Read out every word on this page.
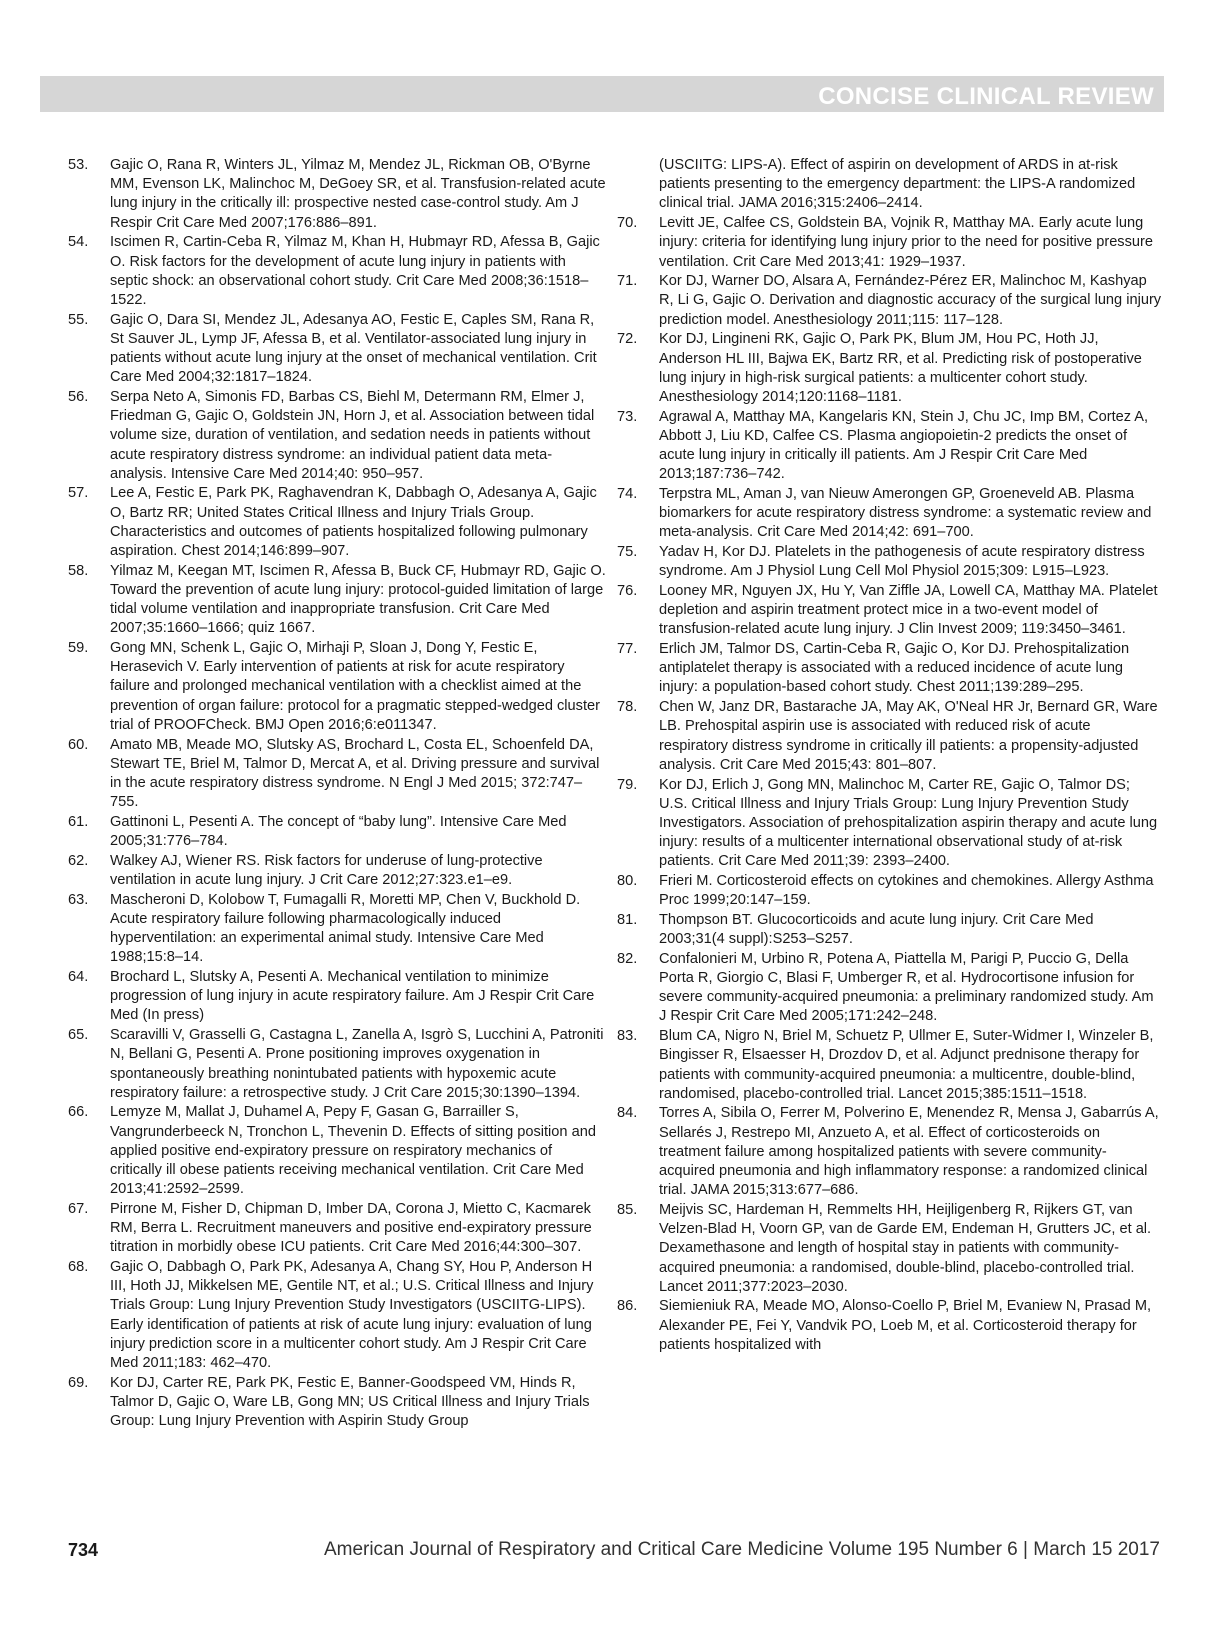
CONCISE CLINICAL REVIEW
53. Gajic O, Rana R, Winters JL, Yilmaz M, Mendez JL, Rickman OB, O'Byrne MM, Evenson LK, Malinchoc M, DeGoey SR, et al. Transfusion-related acute lung injury in the critically ill: prospective nested case-control study. Am J Respir Crit Care Med 2007;176:886–891.
54. Iscimen R, Cartin-Ceba R, Yilmaz M, Khan H, Hubmayr RD, Afessa B, Gajic O. Risk factors for the development of acute lung injury in patients with septic shock: an observational cohort study. Crit Care Med 2008;36:1518–1522.
55. Gajic O, Dara SI, Mendez JL, Adesanya AO, Festic E, Caples SM, Rana R, St Sauver JL, Lymp JF, Afessa B, et al. Ventilator-associated lung injury in patients without acute lung injury at the onset of mechanical ventilation. Crit Care Med 2004;32:1817–1824.
56. Serpa Neto A, Simonis FD, Barbas CS, Biehl M, Determann RM, Elmer J, Friedman G, Gajic O, Goldstein JN, Horn J, et al. Association between tidal volume size, duration of ventilation, and sedation needs in patients without acute respiratory distress syndrome: an individual patient data meta-analysis. Intensive Care Med 2014;40: 950–957.
57. Lee A, Festic E, Park PK, Raghavendran K, Dabbagh O, Adesanya A, Gajic O, Bartz RR; United States Critical Illness and Injury Trials Group. Characteristics and outcomes of patients hospitalized following pulmonary aspiration. Chest 2014;146:899–907.
58. Yilmaz M, Keegan MT, Iscimen R, Afessa B, Buck CF, Hubmayr RD, Gajic O. Toward the prevention of acute lung injury: protocol-guided limitation of large tidal volume ventilation and inappropriate transfusion. Crit Care Med 2007;35:1660–1666; quiz 1667.
59. Gong MN, Schenk L, Gajic O, Mirhaji P, Sloan J, Dong Y, Festic E, Herasevich V. Early intervention of patients at risk for acute respiratory failure and prolonged mechanical ventilation with a checklist aimed at the prevention of organ failure: protocol for a pragmatic stepped-wedged cluster trial of PROOFCheck. BMJ Open 2016;6:e011347.
60. Amato MB, Meade MO, Slutsky AS, Brochard L, Costa EL, Schoenfeld DA, Stewart TE, Briel M, Talmor D, Mercat A, et al. Driving pressure and survival in the acute respiratory distress syndrome. N Engl J Med 2015; 372:747–755.
61. Gattinoni L, Pesenti A. The concept of “baby lung”. Intensive Care Med 2005;31:776–784.
62. Walkey AJ, Wiener RS. Risk factors for underuse of lung-protective ventilation in acute lung injury. J Crit Care 2012;27:323.e1–e9.
63. Mascheroni D, Kolobow T, Fumagalli R, Moretti MP, Chen V, Buckhold D. Acute respiratory failure following pharmacologically induced hyperventilation: an experimental animal study. Intensive Care Med 1988;15:8–14.
64. Brochard L, Slutsky A, Pesenti A. Mechanical ventilation to minimize progression of lung injury in acute respiratory failure. Am J Respir Crit Care Med (In press)
65. Scaravilli V, Grasselli G, Castagna L, Zanella A, Isgrò S, Lucchini A, Patroniti N, Bellani G, Pesenti A. Prone positioning improves oxygenation in spontaneously breathing nonintubated patients with hypoxemic acute respiratory failure: a retrospective study. J Crit Care 2015;30:1390–1394.
66. Lemyze M, Mallat J, Duhamel A, Pepy F, Gasan G, Barrailler S, Vangrunderbeeck N, Tronchon L, Thevenin D. Effects of sitting position and applied positive end-expiratory pressure on respiratory mechanics of critically ill obese patients receiving mechanical ventilation. Crit Care Med 2013;41:2592–2599.
67. Pirrone M, Fisher D, Chipman D, Imber DA, Corona J, Mietto C, Kacmarek RM, Berra L. Recruitment maneuvers and positive end-expiratory pressure titration in morbidly obese ICU patients. Crit Care Med 2016;44:300–307.
68. Gajic O, Dabbagh O, Park PK, Adesanya A, Chang SY, Hou P, Anderson H III, Hoth JJ, Mikkelsen ME, Gentile NT, et al.; U.S. Critical Illness and Injury Trials Group: Lung Injury Prevention Study Investigators (USCIITG-LIPS). Early identification of patients at risk of acute lung injury: evaluation of lung injury prediction score in a multicenter cohort study. Am J Respir Crit Care Med 2011;183: 462–470.
69. Kor DJ, Carter RE, Park PK, Festic E, Banner-Goodspeed VM, Hinds R, Talmor D, Gajic O, Ware LB, Gong MN; US Critical Illness and Injury Trials Group: Lung Injury Prevention with Aspirin Study Group
(USCIITG: LIPS-A). Effect of aspirin on development of ARDS in at-risk patients presenting to the emergency department: the LIPS-A randomized clinical trial. JAMA 2016;315:2406–2414.
70. Levitt JE, Calfee CS, Goldstein BA, Vojnik R, Matthay MA. Early acute lung injury: criteria for identifying lung injury prior to the need for positive pressure ventilation. Crit Care Med 2013;41: 1929–1937.
71. Kor DJ, Warner DO, Alsara A, Fernández-Pérez ER, Malinchoc M, Kashyap R, Li G, Gajic O. Derivation and diagnostic accuracy of the surgical lung injury prediction model. Anesthesiology 2011;115: 117–128.
72. Kor DJ, Lingineni RK, Gajic O, Park PK, Blum JM, Hou PC, Hoth JJ, Anderson HL III, Bajwa EK, Bartz RR, et al. Predicting risk of postoperative lung injury in high-risk surgical patients: a multicenter cohort study. Anesthesiology 2014;120:1168–1181.
73. Agrawal A, Matthay MA, Kangelaris KN, Stein J, Chu JC, Imp BM, Cortez A, Abbott J, Liu KD, Calfee CS. Plasma angiopoietin-2 predicts the onset of acute lung injury in critically ill patients. Am J Respir Crit Care Med 2013;187:736–742.
74. Terpstra ML, Aman J, van Nieuw Amerongen GP, Groeneveld AB. Plasma biomarkers for acute respiratory distress syndrome: a systematic review and meta-analysis. Crit Care Med 2014;42: 691–700.
75. Yadav H, Kor DJ. Platelets in the pathogenesis of acute respiratory distress syndrome. Am J Physiol Lung Cell Mol Physiol 2015;309: L915–L923.
76. Looney MR, Nguyen JX, Hu Y, Van Ziffle JA, Lowell CA, Matthay MA. Platelet depletion and aspirin treatment protect mice in a two-event model of transfusion-related acute lung injury. J Clin Invest 2009; 119:3450–3461.
77. Erlich JM, Talmor DS, Cartin-Ceba R, Gajic O, Kor DJ. Prehospitalization antiplatelet therapy is associated with a reduced incidence of acute lung injury: a population-based cohort study. Chest 2011;139:289–295.
78. Chen W, Janz DR, Bastarache JA, May AK, O'Neal HR Jr, Bernard GR, Ware LB. Prehospital aspirin use is associated with reduced risk of acute respiratory distress syndrome in critically ill patients: a propensity-adjusted analysis. Crit Care Med 2015;43: 801–807.
79. Kor DJ, Erlich J, Gong MN, Malinchoc M, Carter RE, Gajic O, Talmor DS; U.S. Critical Illness and Injury Trials Group: Lung Injury Prevention Study Investigators. Association of prehospitalization aspirin therapy and acute lung injury: results of a multicenter international observational study of at-risk patients. Crit Care Med 2011;39: 2393–2400.
80. Frieri M. Corticosteroid effects on cytokines and chemokines. Allergy Asthma Proc 1999;20:147–159.
81. Thompson BT. Glucocorticoids and acute lung injury. Crit Care Med 2003;31(4 suppl):S253–S257.
82. Confalonieri M, Urbino R, Potena A, Piattella M, Parigi P, Puccio G, Della Porta R, Giorgio C, Blasi F, Umberger R, et al. Hydrocortisone infusion for severe community-acquired pneumonia: a preliminary randomized study. Am J Respir Crit Care Med 2005;171:242–248.
83. Blum CA, Nigro N, Briel M, Schuetz P, Ullmer E, Suter-Widmer I, Winzeler B, Bingisser R, Elsaesser H, Drozdov D, et al. Adjunct prednisone therapy for patients with community-acquired pneumonia: a multicentre, double-blind, randomised, placebo-controlled trial. Lancet 2015;385:1511–1518.
84. Torres A, Sibila O, Ferrer M, Polverino E, Menendez R, Mensa J, Gabarrús A, Sellarés J, Restrepo MI, Anzueto A, et al. Effect of corticosteroids on treatment failure among hospitalized patients with severe community-acquired pneumonia and high inflammatory response: a randomized clinical trial. JAMA 2015;313:677–686.
85. Meijvis SC, Hardeman H, Remmelts HH, Heijligenberg R, Rijkers GT, van Velzen-Blad H, Voorn GP, van de Garde EM, Endeman H, Grutters JC, et al. Dexamethasone and length of hospital stay in patients with community-acquired pneumonia: a randomised, double-blind, placebo-controlled trial. Lancet 2011;377:2023–2030.
86. Siemieniuk RA, Meade MO, Alonso-Coello P, Briel M, Evaniew N, Prasad M, Alexander PE, Fei Y, Vandvik PO, Loeb M, et al. Corticosteroid therapy for patients hospitalized with
734	American Journal of Respiratory and Critical Care Medicine Volume 195 Number 6 | March 15 2017
